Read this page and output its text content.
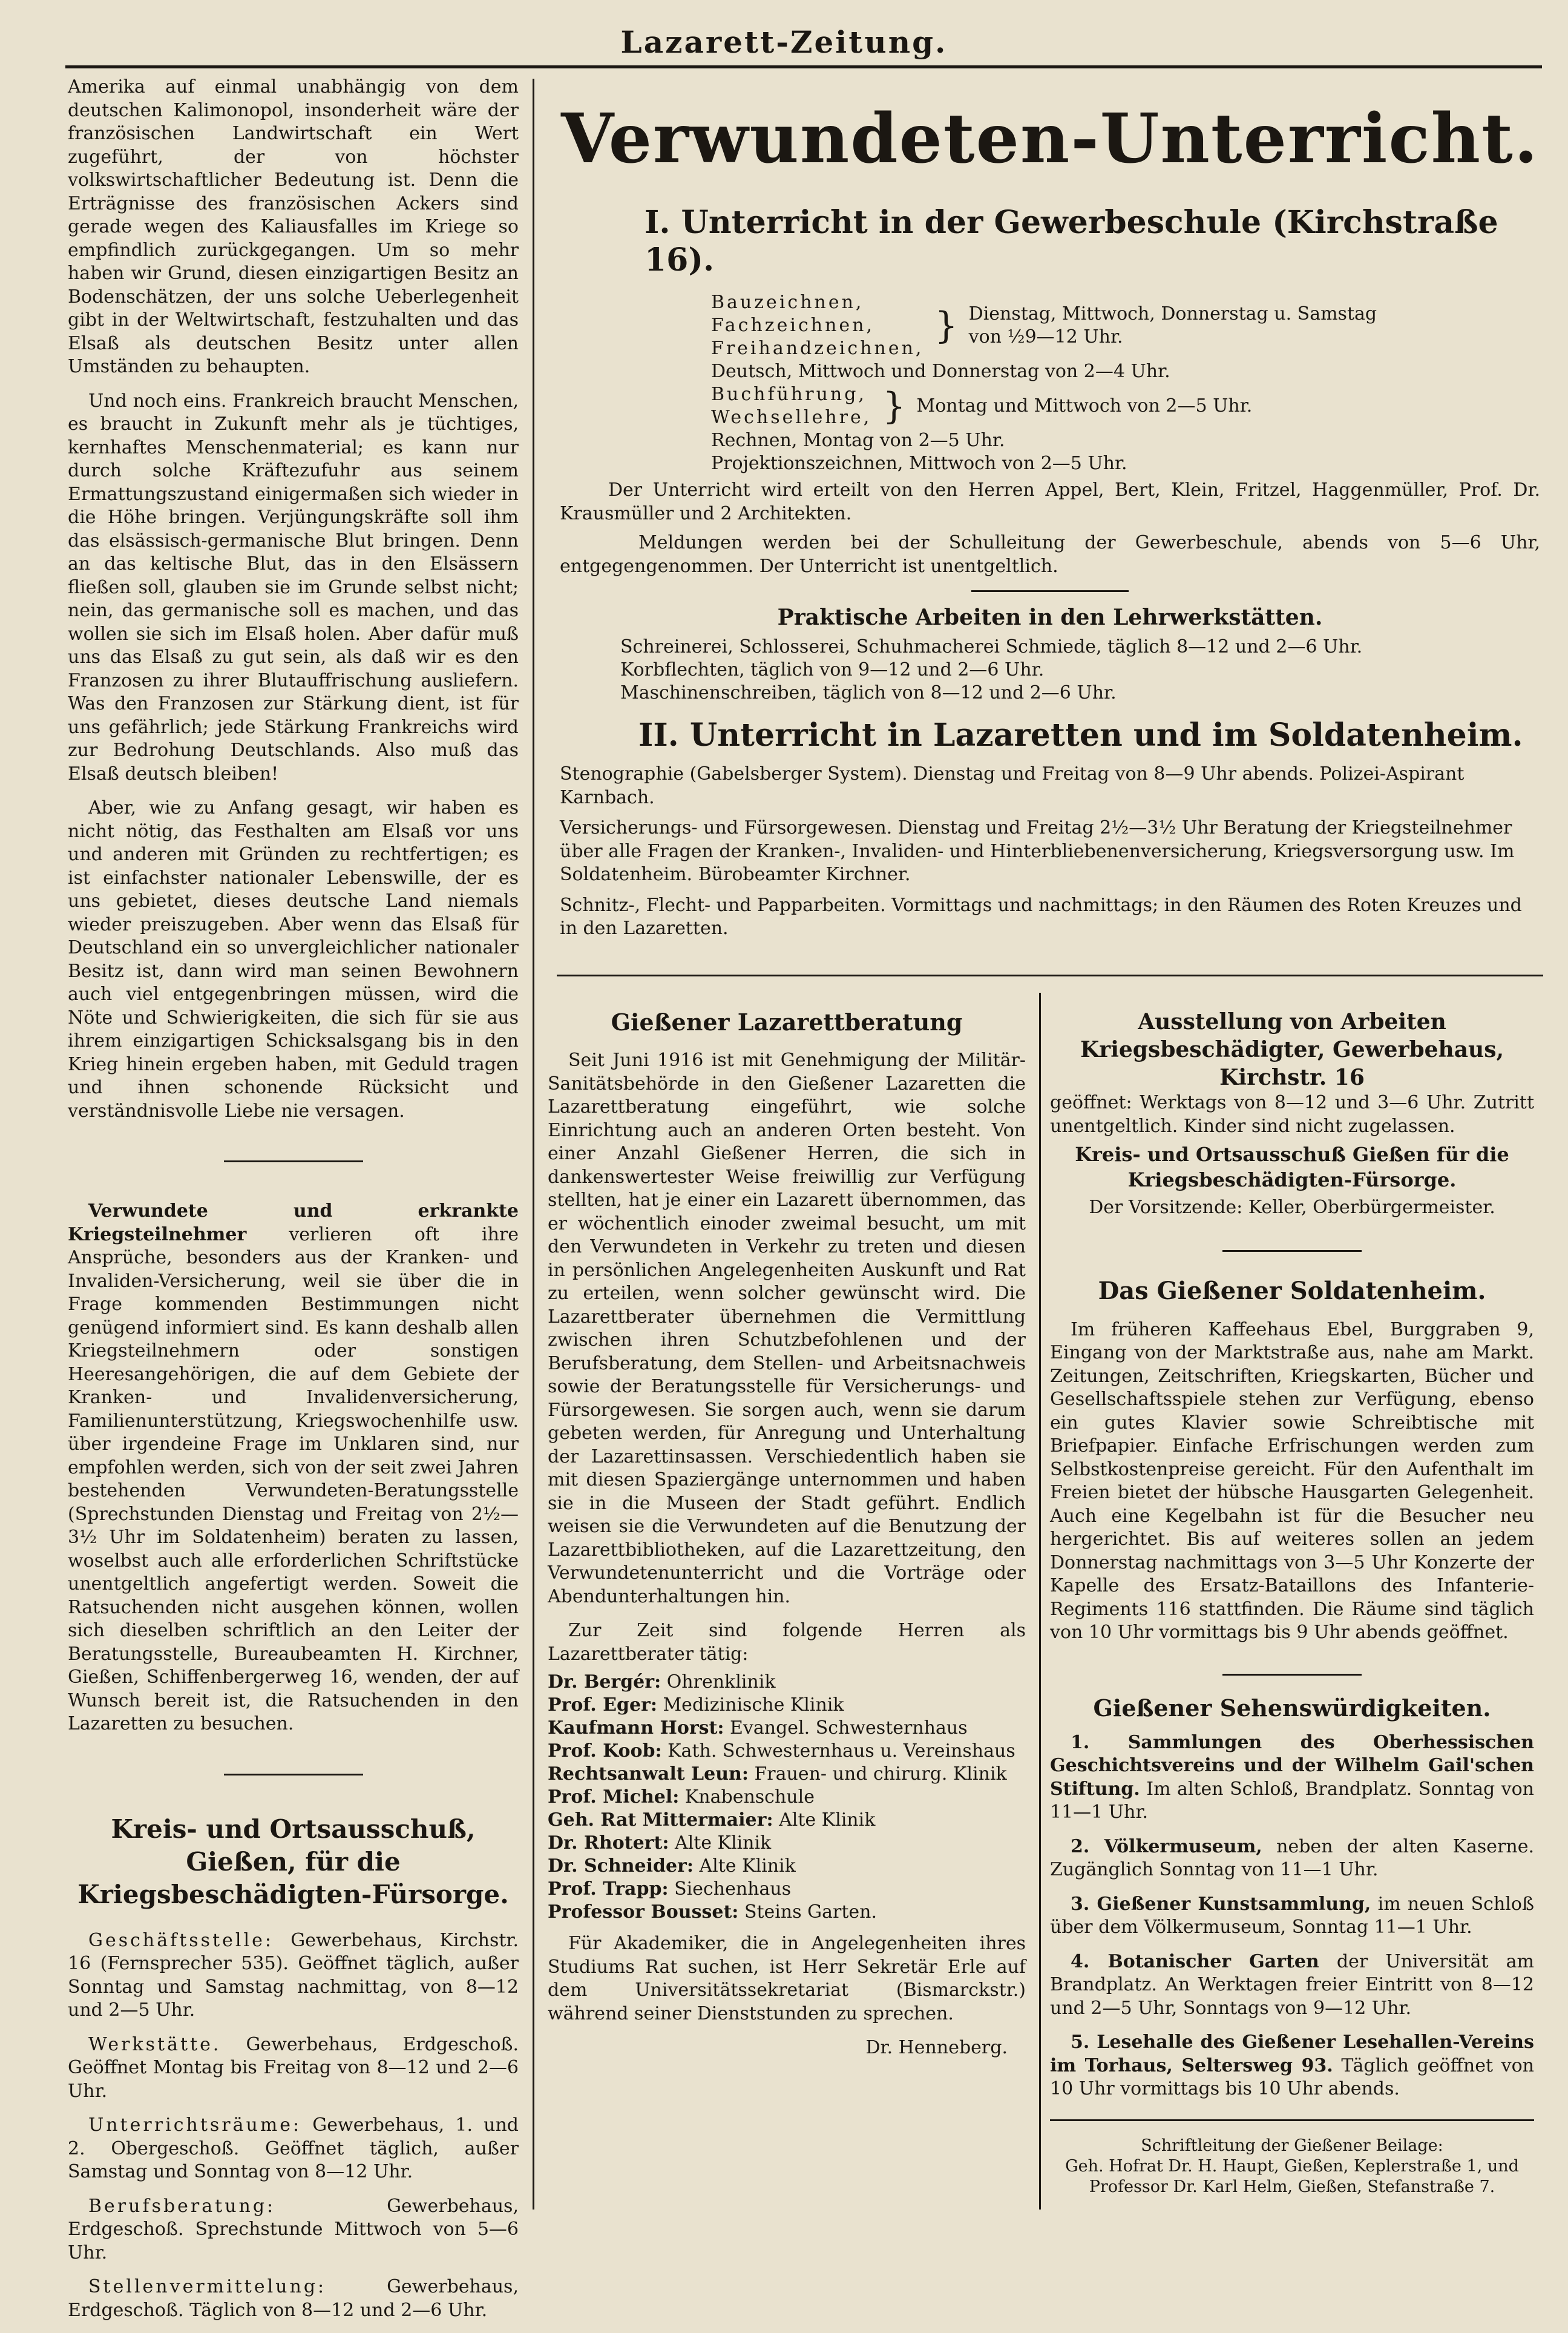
Lazarett-Zeitung.

Amerika auf einmal unabhängig von dem deutschen Kalimonopol, insonderheit wäre der französischen Landwirtschaft ein Wert zugeführt, der von höchster volkswirtschaftlicher Bedeutung ist. Denn die Erträgnisse des französischen Ackers sind gerade wegen des Kaliausfalles im Kriege so empfindlich zurückgegangen. Um so mehr haben wir Grund, diesen einzigartigen Besitz an Bodenschätzen, der uns solche Ueberlegenheit gibt in der Weltwirtschaft, festzuhalten und das Elsaß als deutschen Besitz unter allen Umständen zu behaupten.

Und noch eins. Frankreich braucht Menschen, es braucht in Zukunft mehr als je tüchtiges, kernhaftes Menschenmaterial; es kann nur durch solche Kräftezufuhr aus seinem Ermattungszustand einigermaßen sich wieder in die Höhe bringen. Verjüngungskräfte soll ihm das elsässisch-germanische Blut bringen. Denn an das keltische Blut, das in den Elsässern fließen soll, glauben sie im Grunde selbst nicht; nein, das germanische soll es machen, und das wollen sie sich im Elsaß holen. Aber dafür muß uns das Elsaß zu gut sein, als daß wir es den Franzosen zu ihrer Blutauffrischung ausliefern. Was den Franzosen zur Stärkung dient, ist für uns gefährlich; jede Stärkung Frankreichs wird zur Bedrohung Deutschlands. Also muß das Elsaß deutsch bleiben!

Aber, wie zu Anfang gesagt, wir haben es nicht nötig, das Festhalten am Elsaß vor uns und anderen mit Gründen zu rechtfertigen; es ist einfachster nationaler Lebenswille, der es uns gebietet, dieses deutsche Land niemals wieder preiszugeben. Aber wenn das Elsaß für Deutschland ein so unvergleichlicher nationaler Besitz ist, dann wird man seinen Bewohnern auch viel entgegenbringen müssen, wird die Nöte und Schwierigkeiten, die sich für sie aus ihrem einzigartigen Schicksalsgang bis in den Krieg hinein ergeben haben, mit Geduld tragen und ihnen schonende Rücksicht und verständnisvolle Liebe nie versagen.

Verwundete und erkrankte Kriegsteilnehmer verlieren oft ihre Ansprüche, besonders aus der Kranken- und Invaliden-Versicherung, weil sie über die in Frage kommenden Bestimmungen nicht genügend informiert sind. Es kann deshalb allen Kriegsteilnehmern oder sonstigen Heeresangehörigen, die auf dem Gebiete der Kranken- und Invalidenversicherung, Familienunterstützung, Kriegswochenhilfe usw. über irgendeine Frage im Unklaren sind, nur empfohlen werden, sich von der seit zwei Jahren bestehenden Verwundeten-Beratungsstelle (Sprechstunden Dienstag und Freitag von 2½—3½ Uhr im Soldatenheim) beraten zu lassen, woselbst auch alle erforderlichen Schriftstücke unentgeltlich angefertigt werden. Soweit die Ratsuchenden nicht ausgehen können, wollen sich dieselben schriftlich an den Leiter der Beratungsstelle, Bureaubeamten H. Kirchner, Gießen, Schiffenbergerweg 16, wenden, der auf Wunsch bereit ist, die Ratsuchenden in den Lazaretten zu besuchen.

Kreis- und Ortsausschuß, Gießen, für die Kriegsbeschädigten-Fürsorge.

Geschäftsstelle: Gewerbehaus, Kirchstr. 16 (Fernsprecher 535). Geöffnet täglich, außer Sonntag und Samstag nachmittag, von 8—12 und 2—5 Uhr.

Werkstätte. Gewerbehaus, Erdgeschoß. Geöffnet Montag bis Freitag von 8—12 und 2—6 Uhr.

Unterrichtsräume: Gewerbehaus, 1. und 2. Obergeschoß. Geöffnet täglich, außer Samstag und Sonntag von 8—12 Uhr.

Berufsberatung:	Gewerbehaus, Erdgeschoß. Sprechstunde Mittwoch von 5—6 Uhr.

Stellenvermittelung:	Gewerbehaus, Erdgeschoß. Täglich von 8—12 und 2—6 Uhr.

Verwundeten-Unterricht.
I. Unterricht in der Gewerbeschule (Kirchstraße 16).
Bauzeichnen,
Fachzeichnen,
Freihandzeichnen,
} Dienstag, Mittwoch, Donnerstag u. Samstag von ½9—12 Uhr.
Deutsch, Mittwoch und Donnerstag von 2—4 Uhr.
Buchführung,
Wechsellehre, } Montag und Mittwoch von 2—5 Uhr.
Rechnen, Montag von 2—5 Uhr.
Projektionszeichnen, Mittwoch von 2—5 Uhr.

Der Unterricht wird erteilt von den Herren Appel, Bert, Klein, Fritzel, Haggenmüller, Prof. Dr. Krausmüller und 2 Architekten.

Meldungen werden bei der Schulleitung der Gewerbeschule, abends von 5—6 Uhr, entgegengenommen. Der Unterricht ist unentgeltlich.

Praktische Arbeiten in den Lehrwerkstätten.
Schreinerei, Schlosserei, Schuhmacherei Schmiede, täglich 8—12 und 2—6 Uhr.
Korbflechten, täglich von 9—12 und 2—6 Uhr.
Maschinenschreiben, täglich von 8—12 und 2—6 Uhr.
II. Unterricht in Lazaretten und im Soldatenheim.

Stenographie (Gabelsberger System). Dienstag und Freitag von 8—9 Uhr abends. Polizei-Aspirant Karnbach.

Versicherungs- und Fürsorgewesen. Dienstag und Freitag 2½—3½ Uhr Beratung der Kriegsteilnehmer über alle Fragen der Kranken-, Invaliden- und Hinterbliebenenversicherung, Kriegsversorgung usw. Im Soldatenheim. Bürobeamter Kirchner.

Schnitz-, Flecht- und Papparbeiten. Vormittags und nachmittags; in den Räumen des Roten Kreuzes und in den Lazaretten.

Gießener Lazarettberatung

Seit Juni 1916 ist mit Genehmigung der Militär-Sanitätsbehörde in den Gießener Lazaretten die Lazarettberatung eingeführt, wie solche Einrichtung auch an anderen Orten besteht. Von einer Anzahl Gießener Herren, die sich in dankenswertester Weise freiwillig zur Verfügung stellten, hat je einer ein Lazarett übernommen, das er wöchentlich einoder zweimal besucht, um mit den Verwundeten in Verkehr zu treten und diesen in persönlichen Angelegenheiten Auskunft und Rat zu erteilen, wenn solcher gewünscht wird. Die Lazarettberater übernehmen die Vermittlung zwischen ihren Schutzbefohlenen und der Berufsberatung, dem Stellen- und Arbeitsnachweis sowie der Beratungsstelle für Versicherungs- und Fürsorgewesen. Sie sorgen auch, wenn sie darum gebeten werden, für Anregung und Unterhaltung der Lazarettinsassen. Verschiedentlich haben sie mit diesen Spaziergänge unternommen und haben sie in die Museen der Stadt geführt. Endlich weisen sie die Verwundeten auf die Benutzung der Lazarettbibliotheken, auf die Lazarettzeitung, den Verwundetenunterricht und die Vorträge oder Abendunterhaltungen hin.

Zur Zeit sind folgende Herren als Lazarettberater tätig:

Dr. Bergér: Ohrenklinik
Prof. Eger: Medizinische Klinik
Kaufmann Horst: Evangel. Schwesternhaus
Prof. Koob: Kath. Schwesternhaus u. Vereinshaus
Rechtsanwalt Leun: Frauen- und chirurg. Klinik
Prof. Michel: Knabenschule
Geh. Rat Mittermaier: Alte Klinik
Dr. Rhotert: Alte Klinik
Dr. Schneider: Alte Klinik
Prof. Trapp: Siechenhaus
Professor Bousset: Steins Garten.

Für Akademiker, die in Angelegenheiten ihres Studiums Rat suchen, ist Herr Sekretär Erle auf dem Universitätssekretariat (Bismarckstr.) während seiner Dienststunden zu sprechen.

Dr. Henneberg.
Ausstellung von Arbeiten Kriegsbeschädigter, Gewerbehaus, Kirchstr. 16

geöffnet: Werktags von 8—12 und 3—6 Uhr. Zutritt unentgeltlich. Kinder sind nicht zugelassen.

Kreis- und Ortsausschuß Gießen für die Kriegsbeschädigten-Fürsorge.
Der Vorsitzende: Keller, Oberbürgermeister.
Das Gießener Soldatenheim.

Im früheren Kaffeehaus Ebel, Burggraben 9, Eingang von der Marktstraße aus, nahe am Markt. Zeitungen, Zeitschriften, Kriegskarten, Bücher und Gesellschaftsspiele stehen zur Verfügung, ebenso ein gutes Klavier sowie Schreibtische mit Briefpapier. Einfache Erfrischungen werden zum Selbstkostenpreise gereicht. Für den Aufenthalt im Freien bietet der hübsche Hausgarten Gelegenheit. Auch eine Kegelbahn ist für die Besucher neu hergerichtet. Bis auf weiteres sollen an jedem Donnerstag nachmittags von 3—5 Uhr Konzerte der Kapelle des Ersatz-Bataillons des Infanterie-Regiments 116 stattfinden. Die Räume sind täglich von 10 Uhr vormittags bis 9 Uhr abends geöffnet.

Gießener Sehenswürdigkeiten.

1. Sammlungen des Oberhessischen Geschichtsvereins und der Wilhelm Gail'schen Stiftung. Im alten Schloß, Brandplatz. Sonntag von 11—1 Uhr.

2. Völkermuseum, neben der alten Kaserne. Zugänglich Sonntag von 11—1 Uhr.

3. Gießener Kunstsammlung, im neuen Schloß über dem Völkermuseum, Sonntag 11—1 Uhr.

4. Botanischer Garten der Universität am Brandplatz. An Werktagen freier Eintritt von 8—12 und 2—5 Uhr, Sonntags von 9—12 Uhr.

5. Lesehalle des Gießener Lesehallen-Vereins im Torhaus, Seltersweg 93. Täglich geöffnet von 10 Uhr vormittags bis 10 Uhr abends.

Schriftleitung der Gießener Beilage:
Geh. Hofrat Dr. H. Haupt, Gießen, Keplerstraße 1, und
Professor Dr. Karl Helm, Gießen, Stefanstraße 7.
